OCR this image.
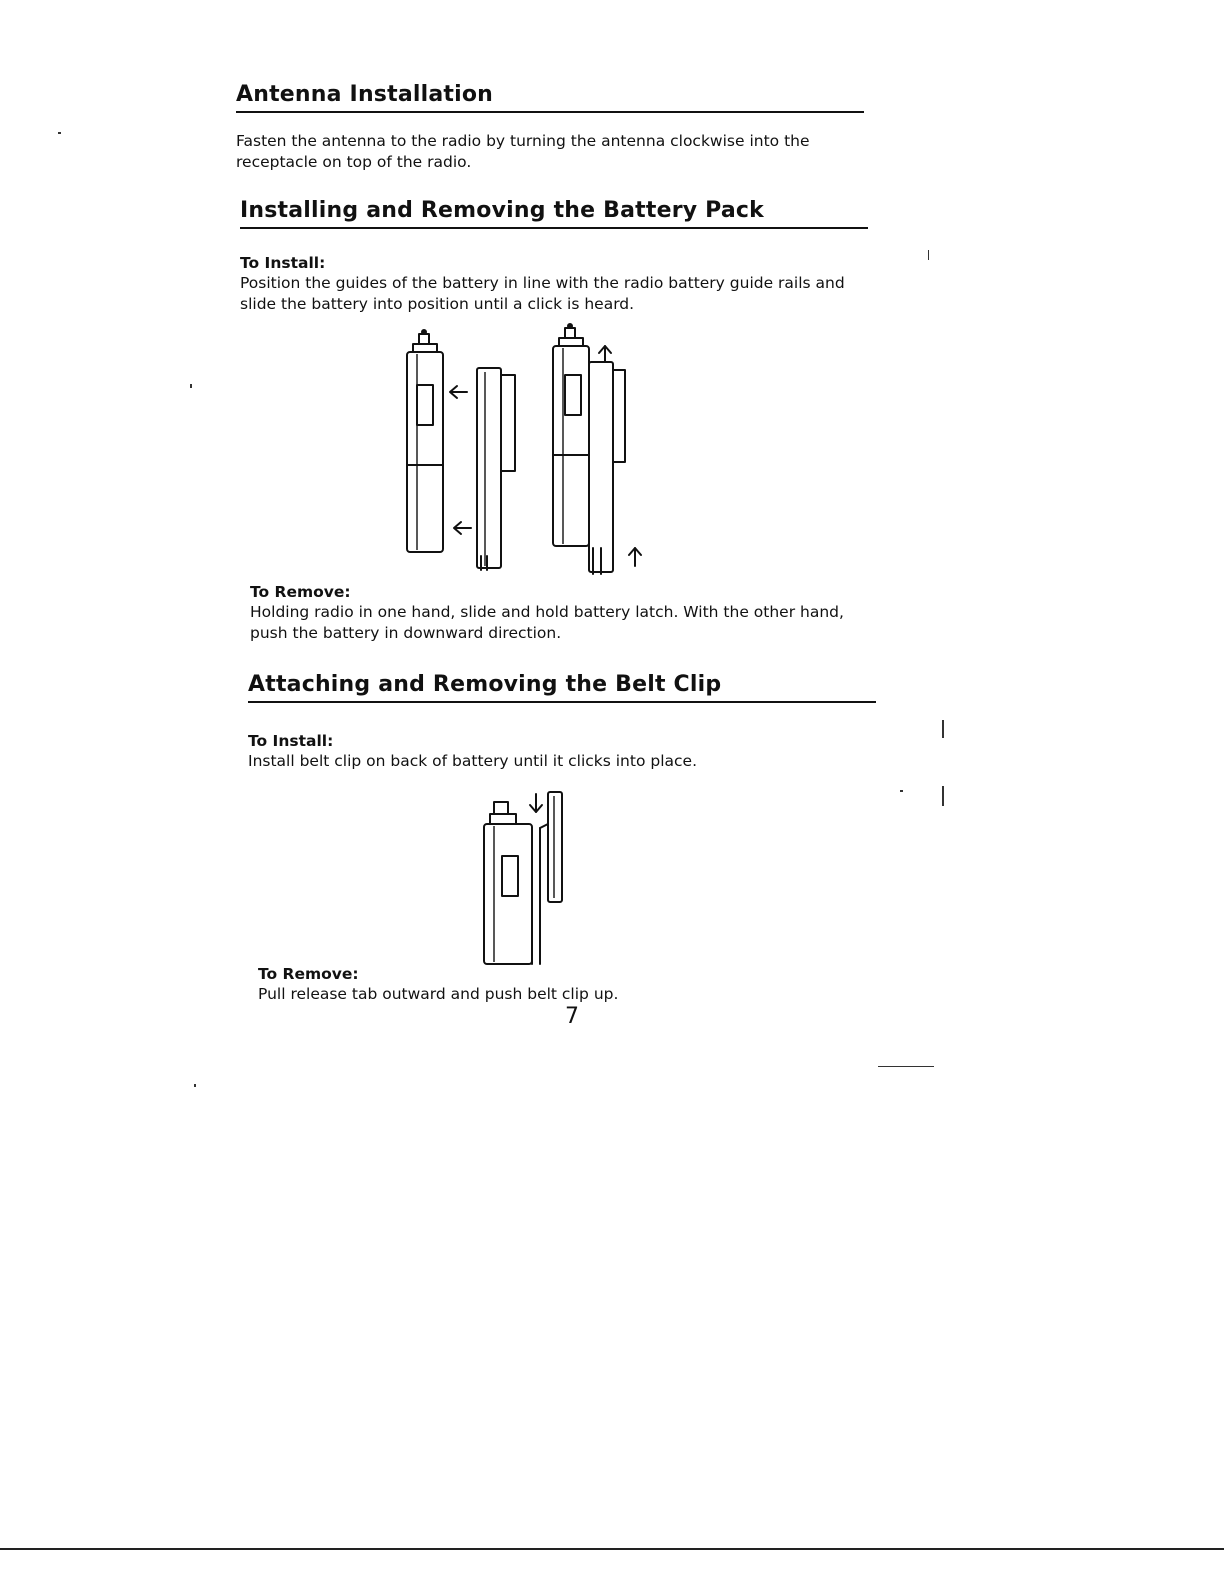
Antenna Installation

Fasten the antenna to the radio by turning the antenna clockwise into the receptacle on top of the radio.

Installing and Removing the Battery Pack

To Install:

Position the guides of the battery in line with the radio battery guide rails and slide the battery into position until a click is heard.

To Remove:

Holding radio in one hand, slide and hold battery latch. With the other hand, push the battery in downward direction.

Attaching and Removing the Belt Clip

To Install:

Install belt clip on back of battery until it clicks into place.

To Remove:

Pull release tab outward and push belt clip up.

7
